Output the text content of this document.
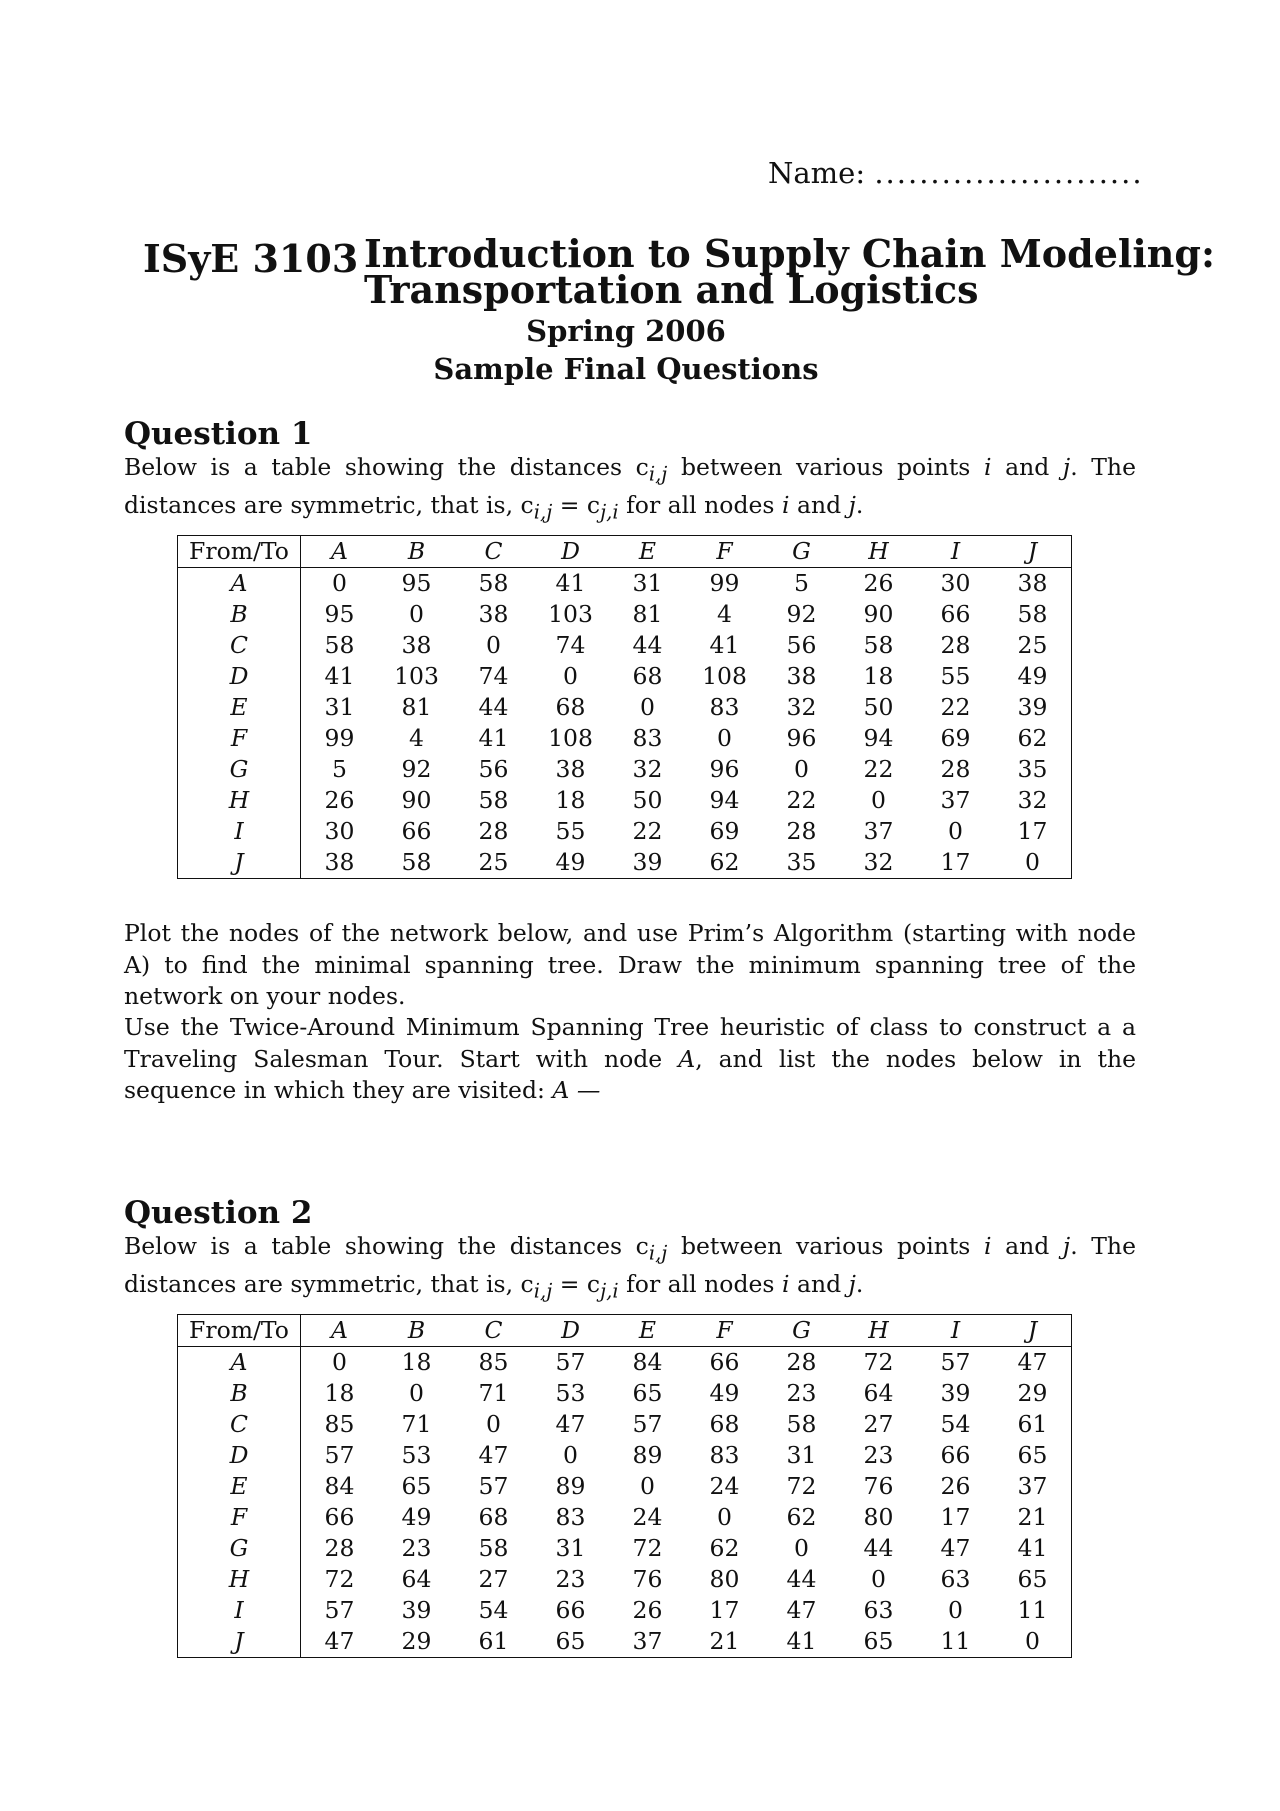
Name: ........................
ISyE 3103 Introduction to Supply Chain Modeling:
Transportation and Logistics
Spring 2006
Sample Final Questions
Question 1
Below is a table showing the distances $c_{i,j}$ between various points i and j. The distances are symmetric, that is, $c_{i,j} = c_{j,i}$ for all nodes i and j.
From/To	A	B	C	D	E	F	G	H	I	J
A	0	95	58	41	31	99	5	26	30	38
B	95	0	38	103	81	4	92	90	66	58
C	58	38	0	74	44	41	56	58	28	25
D	41	103	74	0	68	108	38	18	55	49
E	31	81	44	68	0	83	32	50	22	39
F	99	4	41	108	83	0	96	94	69	62
G	5	92	56	38	32	96	0	22	28	35
H	26	90	58	18	50	94	22	0	37	32
I	30	66	28	55	22	69	28	37	0	17
J	38	58	25	49	39	62	35	32	17	0
Plot the nodes of the network below, and use Prim’s Algorithm (starting with node A) to find the minimal spanning tree. Draw the minimum spanning tree of the network on your nodes.
Use the Twice-Around Minimum Spanning Tree heuristic of class to construct a a Traveling Salesman Tour. Start with node A, and list the nodes below in the sequence in which they are visited: A —
Question 2
Below is a table showing the distances $c_{i,j}$ between various points i and j. The distances are symmetric, that is, $c_{i,j} = c_{j,i}$ for all nodes i and j.
From/To	A	B	C	D	E	F	G	H	I	J
A	0	18	85	57	84	66	28	72	57	47
B	18	0	71	53	65	49	23	64	39	29
C	85	71	0	47	57	68	58	27	54	61
D	57	53	47	0	89	83	31	23	66	65
E	84	65	57	89	0	24	72	76	26	37
F	66	49	68	83	24	0	62	80	17	21
G	28	23	58	31	72	62	0	44	47	41
H	72	64	27	23	76	80	44	0	63	65
I	57	39	54	66	26	17	47	63	0	11
J	47	29	61	65	37	21	41	65	11	0
